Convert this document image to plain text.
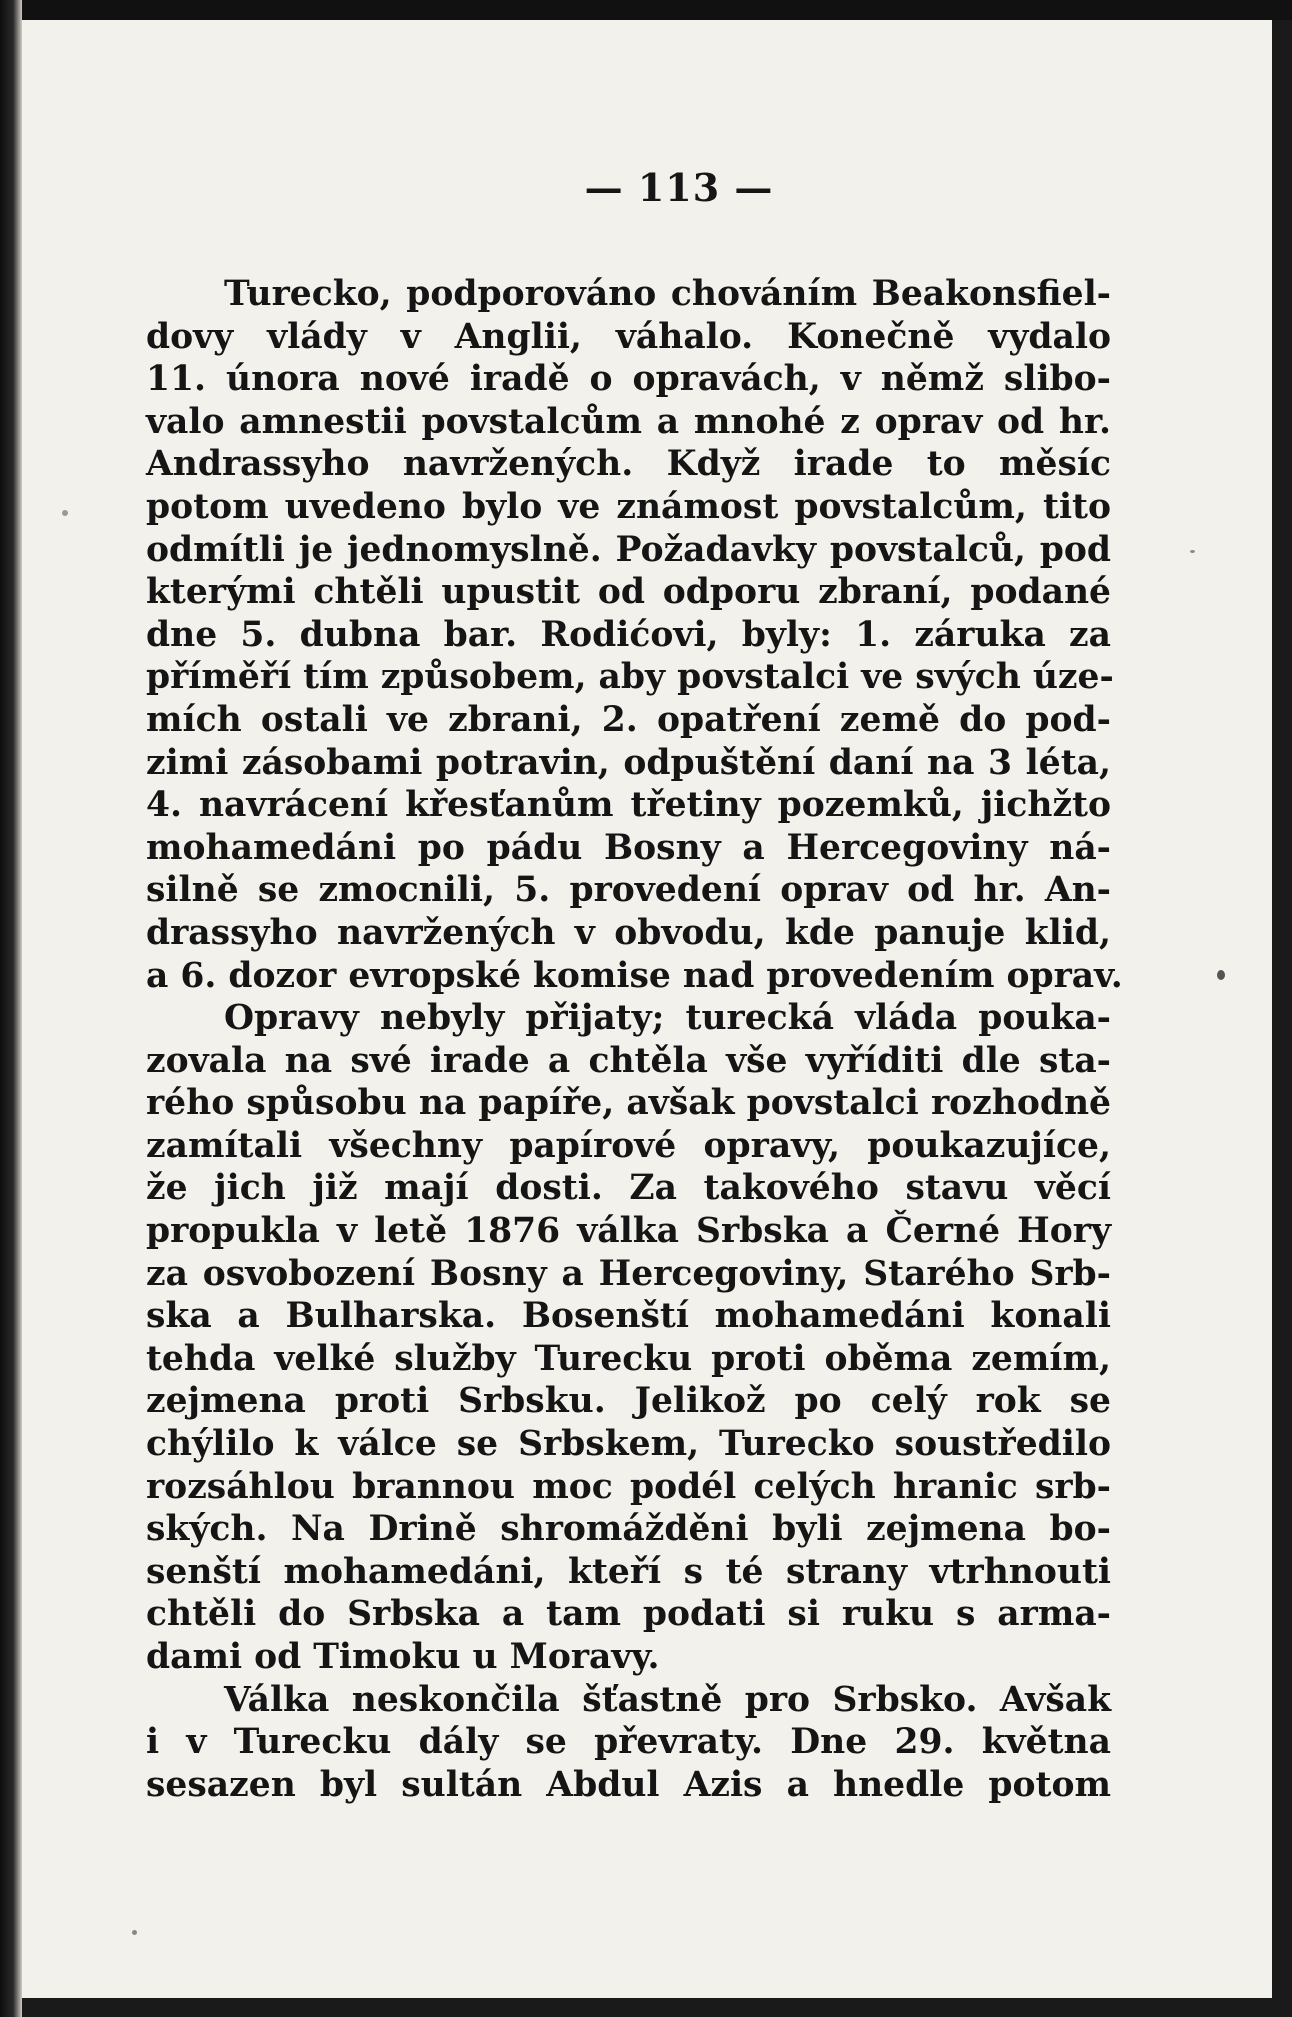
— 113 —
Turecko, podporováno chováním Beakonsfiel-
dovy vlády v Anglii, váhalo. Konečně vydalo
11. února nové iradě o opravách, v němž slibo-
valo amnestii povstalcům a mnohé z oprav od hr.
Andrassyho navržených. Když irade to měsíc
potom uvedeno bylo ve známost povstalcům, tito
odmítli je jednomyslně. Požadavky povstalců, pod
kterými chtěli upustit od odporu zbraní, podané
dne 5. dubna bar. Rodićovi, byly: 1. záruka za
příměří tím způsobem, aby povstalci ve svých úze-
mích ostali ve zbrani, 2. opatření země do pod-
zimi zásobami potravin, odpuštění daní na 3 léta,
4. navrácení křesťanům třetiny pozemků, jichžto
mohamedáni po pádu Bosny a Hercegoviny ná-
silně se zmocnili, 5. provedení oprav od hr. An-
drassyho navržených v obvodu, kde panuje klid,
a 6. dozor evropské komise nad provedením oprav.
Opravy nebyly přijaty; turecká vláda pouka-
zovala na své irade a chtěla vše vyříditi dle sta-
rého spůsobu na papíře, avšak povstalci rozhodně
zamítali všechny papírové opravy, poukazujíce,
že jich již mají dosti. Za takového stavu věcí
propukla v letě 1876 válka Srbska a Černé Hory
za osvobození Bosny a Hercegoviny, Starého Srb-
ska a Bulharska. Bosenští mohamedáni konali
tehda velké služby Turecku proti oběma zemím,
zejmena proti Srbsku. Jelikož po celý rok se
chýlilo k válce se Srbskem, Turecko soustředilo
rozsáhlou brannou moc podél celých hranic srb-
ských. Na Drině shromážděni byli zejmena bo-
senští mohamedáni, kteří s té strany vtrhnouti
chtěli do Srbska a tam podati si ruku s arma-
dami od Timoku u Moravy.
Válka neskončila šťastně pro Srbsko. Avšak
i v Turecku dály se převraty. Dne 29. května
sesazen byl sultán Abdul Azis a hnedle potom
